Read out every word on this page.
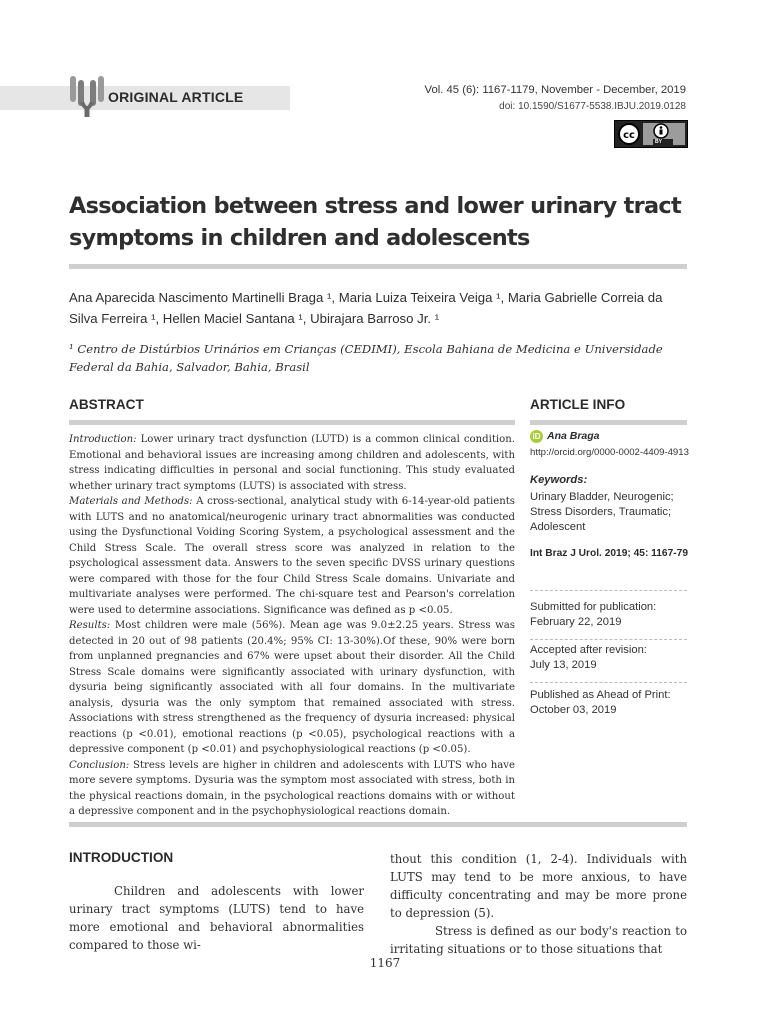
ORIGINAL ARTICLE	Vol. 45 (6): 1167-1179, November - December, 2019
doi: 10.1590/S1677-5538.IBJU.2019.0128
cc
BY
Association between stress and lower urinary tract symptoms in children and adolescents
Ana Aparecida Nascimento Martinelli Braga ¹, Maria Luiza Teixeira Veiga ¹, Maria Gabrielle Correia da Silva Ferreira ¹, Hellen Maciel Santana ¹, Ubirajara Barroso Jr. ¹
¹ Centro de Distúrbios Urinários em Crianças (CEDIMI), Escola Bahiana de Medicina e Universidade Federal da Bahia, Salvador, Bahia, Brasil
ABSTRACT

Introduction: Lower urinary tract dysfunction (LUTD) is a common clinical condition. Emotional and behavioral issues are increasing among children and adolescents, with stress indicating difficulties in personal and social functioning. This study evaluated whether urinary tract symptoms (LUTS) is associated with stress.

Materials and Methods: A cross-sectional, analytical study with 6-14-year-old patients with LUTS and no anatomical/neurogenic urinary tract abnormalities was conducted using the Dysfunctional Voiding Scoring System, a psychological assessment and the Child Stress Scale. The overall stress score was analyzed in relation to the psychological assessment data. Answers to the seven specific DVSS urinary questions were compared with those for the four Child Stress Scale domains. Univariate and multivariate analyses were performed. The chi-square test and Pearson's correlation were used to determine associations. Significance was defined as p <0.05.

Results: Most children were male (56%). Mean age was 9.0±2.25 years. Stress was detected in 20 out of 98 patients (20.4%; 95% CI: 13-30%).Of these, 90% were born from unplanned pregnancies and 67% were upset about their disorder. All the Child Stress Scale domains were significantly associated with urinary dysfunction, with dysuria being significantly associated with all four domains. In the multivariate analysis, dysuria was the only symptom that remained associated with stress. Associations with stress strengthened as the frequency of dysuria increased: physical reactions (p <0.01), emotional reactions (p <0.05), psychological reactions with a depressive component (p <0.01) and psychophysiological reactions (p <0.05).

Conclusion: Stress levels are higher in children and adolescents with LUTS who have more severe symptoms. Dysuria was the symptom most associated with stress, both in the physical reactions domain, in the psychological reactions domains with or without a depressive component and in the psychophysiological reactions domain.

ARTICLE INFO
iD Ana Braga
http://orcid.org/0000-0002-4409-4913
Keywords:
Urinary Bladder, Neurogenic; Stress Disorders, Traumatic; Adolescent
Int Braz J Urol. 2019; 45: 1167-79
Submitted for publication:
February 22, 2019
Accepted after revision:
July 13, 2019
Published as Ahead of Print:
October 03, 2019
INTRODUCTION

Children and adolescents with lower urinary tract symptoms (LUTS) tend to have more emotional and behavioral abnormalities compared to those wi-

thout this condition (1, 2-4). Individuals with LUTS may tend to be more anxious, to have difficulty concentrating and may be more prone to depression (5).

Stress is defined as our body's reaction to irritating situations or to those situations that

1167
